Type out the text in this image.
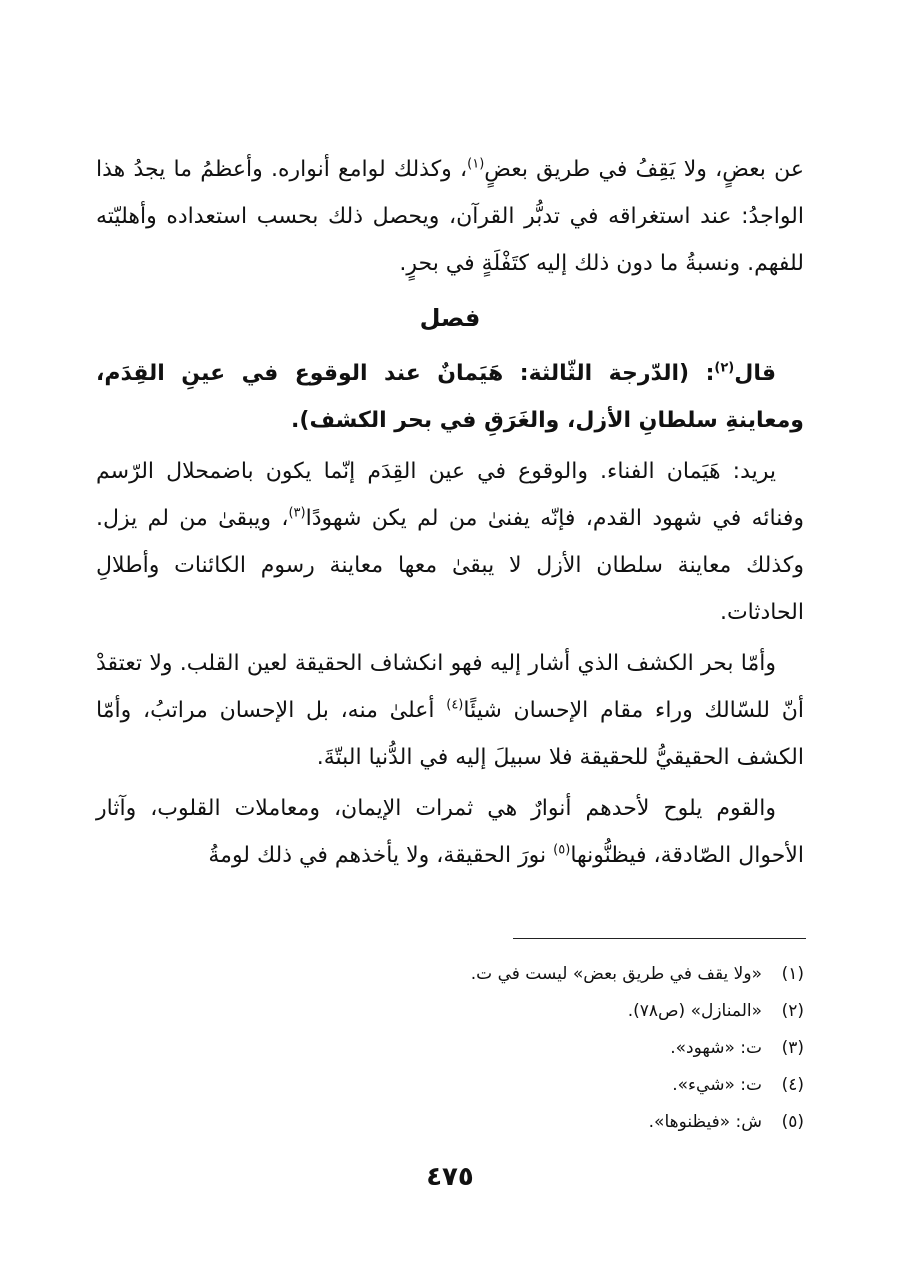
عن بعضٍ، ولا يَقِفُ في طريق بعضٍ$^{(١)}$، وكذلك لوامع أنواره. وأعظمُ ما يجدُ هذا الواجدُ: عند استغراقه في تدبُّر القرآن، ويحصل ذلك بحسب استعداده وأهليّته للفهم. ونسبةُ ما دون ذلك إليه كتَفْلَةٍ في بحرٍ.

فصل

قال$^{(٢)}$: (الدّرجة الثّالثة: هَيَمانٌ عند الوقوع في عينِ القِدَم، ومعاينةِ سلطانِ الأزل، والغَرَقِ في بحر الكشف).

يريد: هَيَمان الفناء. والوقوع في عين القِدَم إنّما يكون باضمحلال الرّسم وفنائه في شهود القدم، فإنّه يفنىٰ من لم يكن شهودًا$^{(٣)}$، ويبقىٰ من لم يزل. وكذلك معاينة سلطان الأزل لا يبقىٰ معها معاينة رسوم الكائنات وأطلالِ الحادثات.

وأمّا بحر الكشف الذي أشار إليه فهو انكشاف الحقيقة لعين القلب. ولا تعتقدْ أنّ للسّالك وراء مقام الإحسان شيئًا$^{(٤)}$ أعلىٰ منه، بل الإحسان مراتبُ، وأمّا الكشف الحقيقيُّ للحقيقة فلا سبيلَ إليه في الدُّنيا البتّةَ.

والقوم يلوح لأحدهم أنوارٌ هي ثمرات الإيمان، ومعاملات القلوب، وآثار الأحوال الصّادقة، فيظنُّونها$^{(٥)}$ نورَ الحقيقة، ولا يأخذهم في ذلك لومةُ

(١)«ولا يقف في طريق بعض» ليست في ت.
(٢)«المنازل» (ص٧٨).
(٣)ت: «شهود».
(٤)ت: «شيء».
(٥)ش: «فيظنوها».
٤٧٥
